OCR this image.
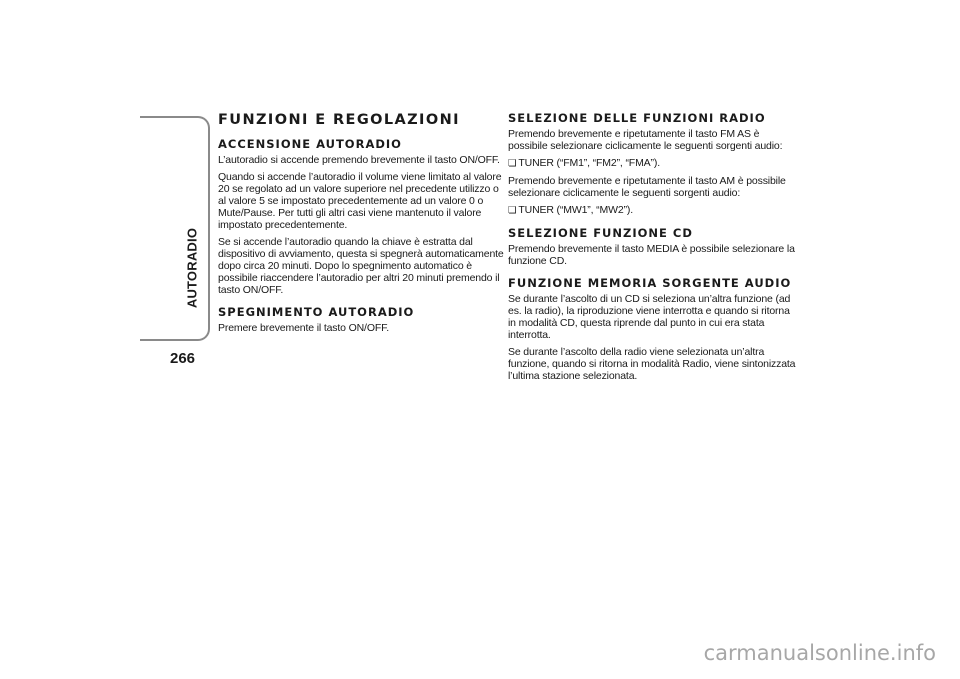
AUTORADIO
266
FUNZIONI E REGOLAZIONI
ACCENSIONE AUTORADIO

L’autoradio si accende premendo brevemente il tasto ON/OFF.

Quando si accende l’autoradio il volume viene limitato al valore 20 se regolato ad un valore superiore nel precedente utilizzo o al valore 5 se impostato precedentemente ad un valore 0 o Mute/Pause. Per tutti gli altri casi viene mantenuto il valore impostato precedentemente.

Se si accende l’autoradio quando la chiave è estratta dal dispositivo di avviamento, questa si spegnerà automaticamente dopo circa 20 minuti. Dopo lo spegnimento automatico è possibile riaccendere l’autoradio per altri 20 minuti premendo il tasto ON/OFF.

SPEGNIMENTO AUTORADIO

Premere brevemente il tasto ON/OFF.

SELEZIONE DELLE FUNZIONI RADIO

Premendo brevemente e ripetutamente il tasto FM AS è possibile selezionare ciclicamente le seguenti sorgenti audio:

❏ TUNER (“FM1”, “FM2”, “FMA”).

Premendo brevemente e ripetutamente il tasto AM è possibile selezionare ciclicamente le seguenti sorgenti audio:

❏ TUNER (“MW1”, “MW2”).

SELEZIONE FUNZIONE CD

Premendo brevemente il tasto MEDIA è possibile selezionare la funzione CD.

FUNZIONE MEMORIA SORGENTE AUDIO

Se durante l’ascolto di un CD si seleziona un’altra funzione (ad es. la radio), la riproduzione viene interrotta e quando si ritorna in modalità CD, questa riprende dal punto in cui era stata interrotta.

Se durante l’ascolto della radio viene selezionata un’altra funzione, quando si ritorna in modalità Radio, viene sintonizzata l’ultima stazione selezionata.

carmanualsonline.info
